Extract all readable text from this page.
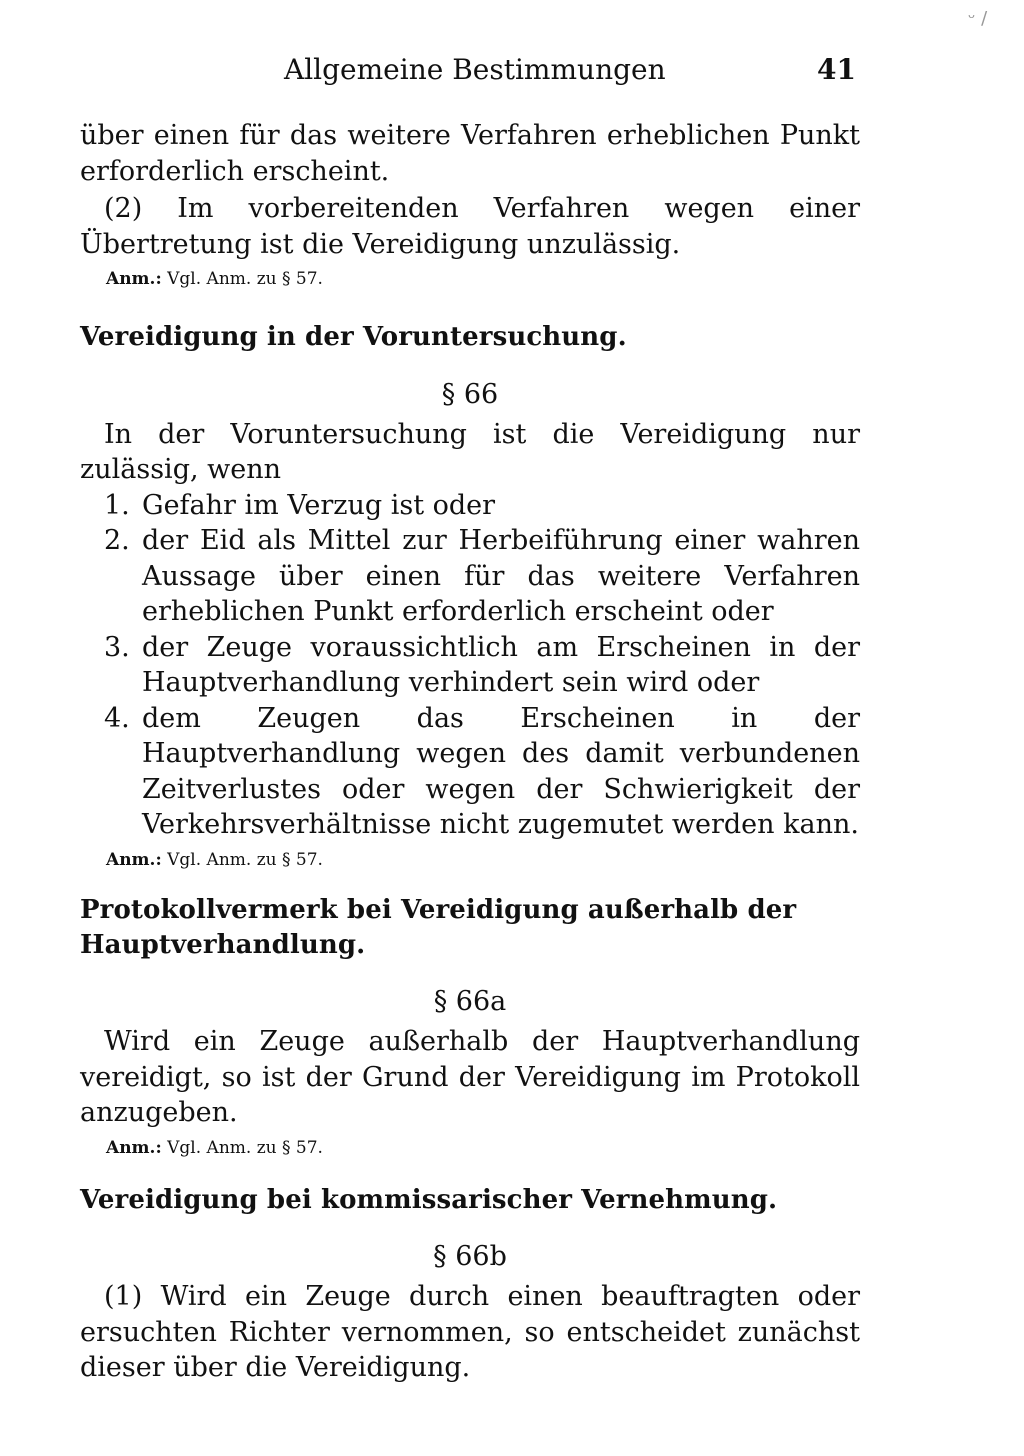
ᵕ /
Allgemeine Bestimmungen	41

über einen für das weitere Verfahren erheblichen Punkt erforderlich erscheint.

(2) Im vorbereitenden Verfahren wegen einer Übertretung ist die Vereidigung unzulässig.

Anm.: Vgl. Anm. zu § 57.

Vereidigung in der Voruntersuchung.

§ 66

In der Voruntersuchung ist die Vereidigung nur zulässig, wenn

1. Gefahr im Verzug ist oder

2. der Eid als Mittel zur Herbeiführung einer wahren Aussage über einen für das weitere Verfahren erheblichen Punkt erforderlich erscheint oder

3. der Zeuge voraussichtlich am Erscheinen in der Hauptverhandlung verhindert sein wird oder

4. dem Zeugen das Erscheinen in der Hauptverhandlung wegen des damit verbundenen Zeitverlustes oder wegen der Schwierigkeit der Verkehrsverhältnisse nicht zugemutet werden kann.

Anm.: Vgl. Anm. zu § 57.

Protokollvermerk bei Vereidigung außerhalb der Hauptverhandlung.

§ 66a

Wird ein Zeuge außerhalb der Hauptverhandlung vereidigt, so ist der Grund der Vereidigung im Protokoll anzugeben.

Anm.: Vgl. Anm. zu § 57.

Vereidigung bei kommissarischer Vernehmung.

§ 66b

(1) Wird ein Zeuge durch einen beauftragten oder ersuchten Richter vernommen, so entscheidet zunächst dieser über die Vereidigung.
